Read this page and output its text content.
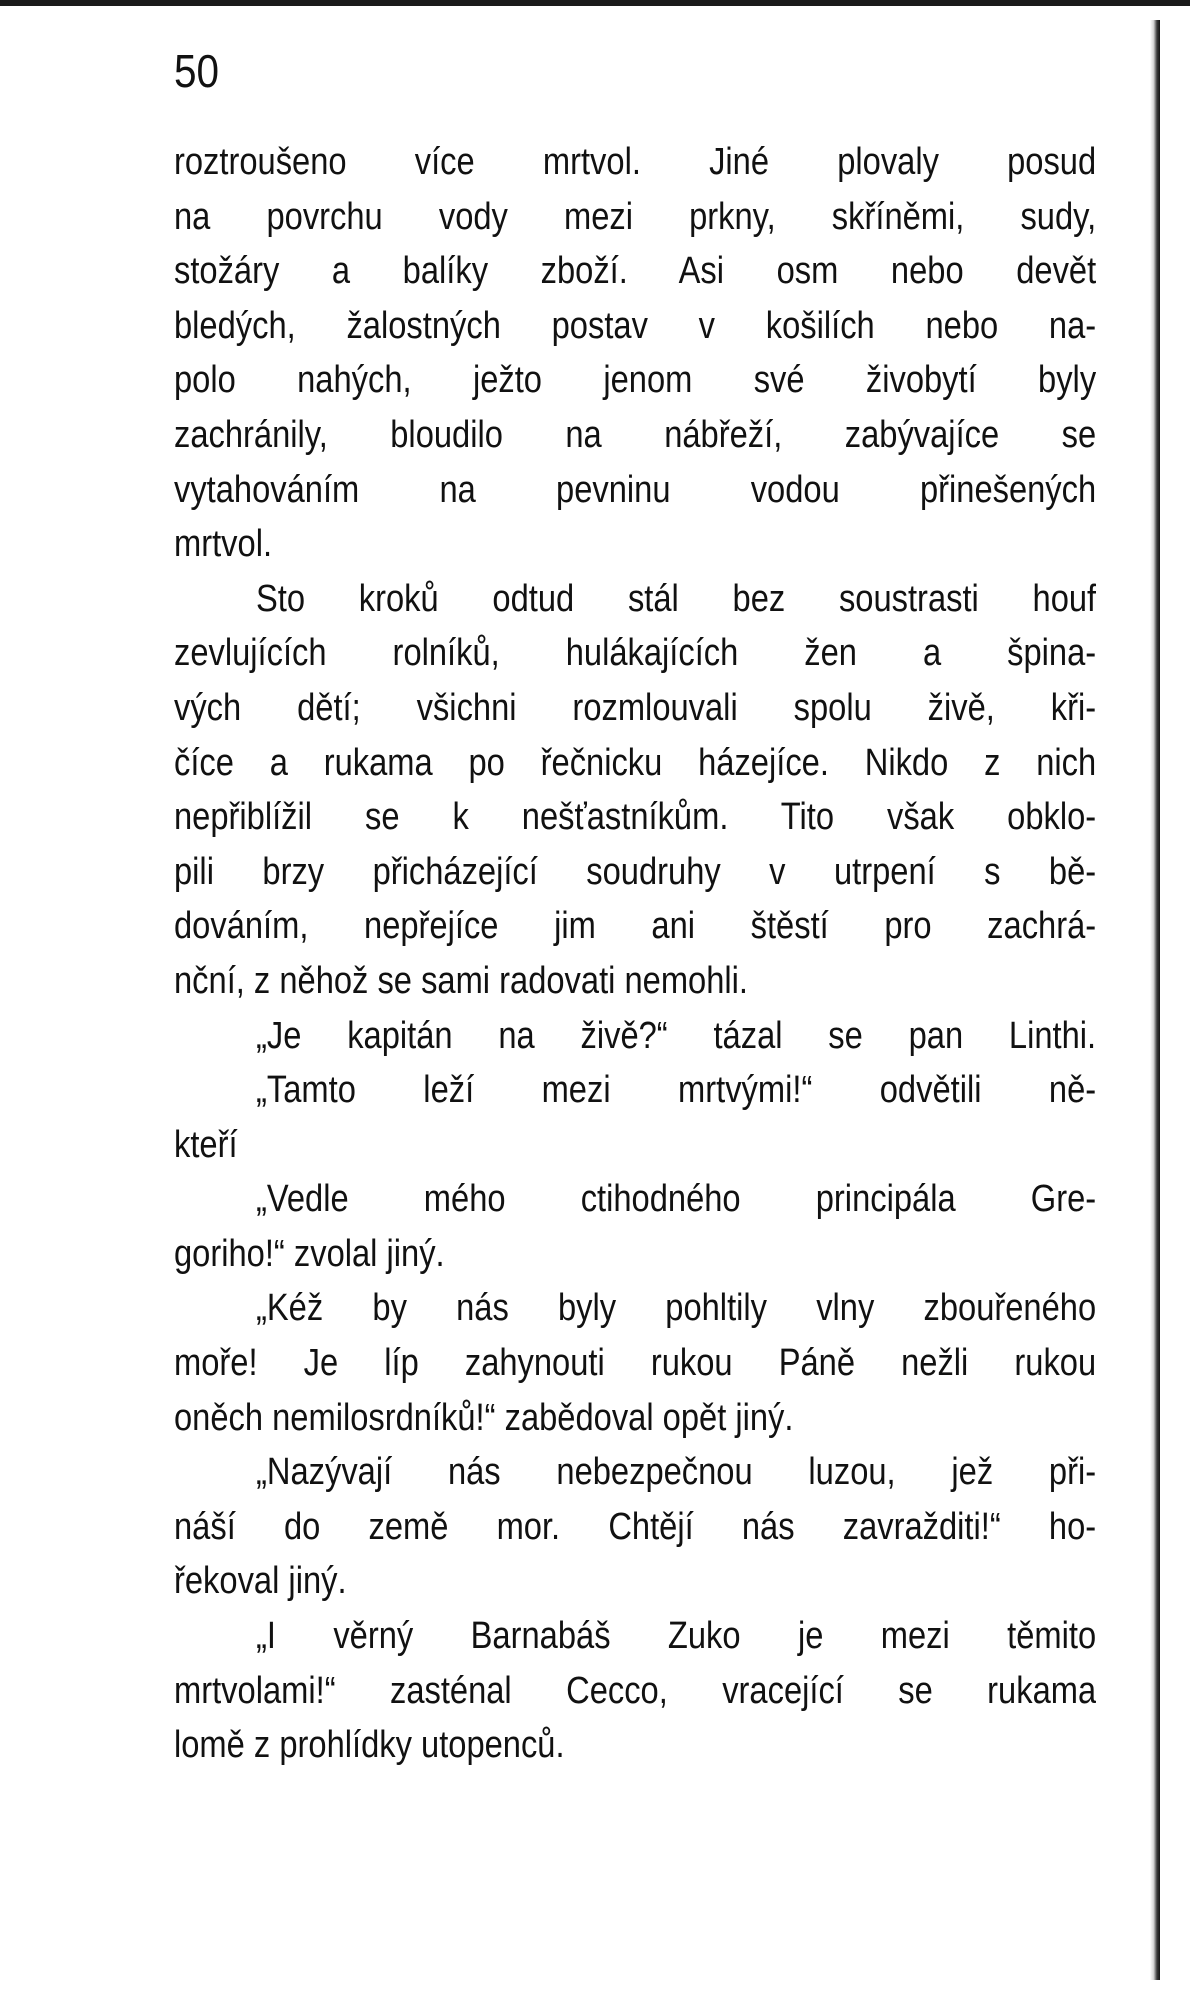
50
roztroušeno více mrtvol. Jiné plovaly posud
na povrchu vody mezi prkny, skříněmi, sudy,
stožáry a balíky zboží. Asi osm nebo devět
bledých, žalostných postav v košilích nebo na-
polo nahých, ježto jenom své živobytí byly
zachránily, bloudilo na nábřeží, zabývajíce se
vytahováním na pevninu vodou přinešených
mrtvol.
Sto kroků odtud stál bez soustrasti houf
zevlujících rolníků, hulákajících žen a špina-
vých dětí; všichni rozmlouvali spolu živě, kři-
číce a rukama po řečnicku házejíce. Nikdo z nich
nepřiblížil se k nešťastníkům. Tito však obklo-
pili brzy přicházející soudruhy v utrpení s bě-
dováním, nepřejíce jim ani štěstí pro zachrá-
nční, z něhož se sami radovati nemohli.
„Je kapitán na živě?“ tázal se pan Linthi.
„Tamto leží mezi mrtvými!“ odvětili ně-
kteří
„Vedle mého ctihodného principála Gre-
goriho!“ zvolal jiný.
„Kéž by nás byly pohltily vlny zbouřeného
moře! Je líp zahynouti rukou Páně nežli rukou
oněch nemilosrdníků!“ zabědoval opět jiný.
„Nazývají nás nebezpečnou luzou, jež při-
náší do země mor. Chtějí nás zavražditi!“ ho-
řekoval jiný.
„I věrný Barnabáš Zuko je mezi těmito
mrtvolami!“ zasténal Cecco, vracející se rukama
lomě z prohlídky utopenců.
